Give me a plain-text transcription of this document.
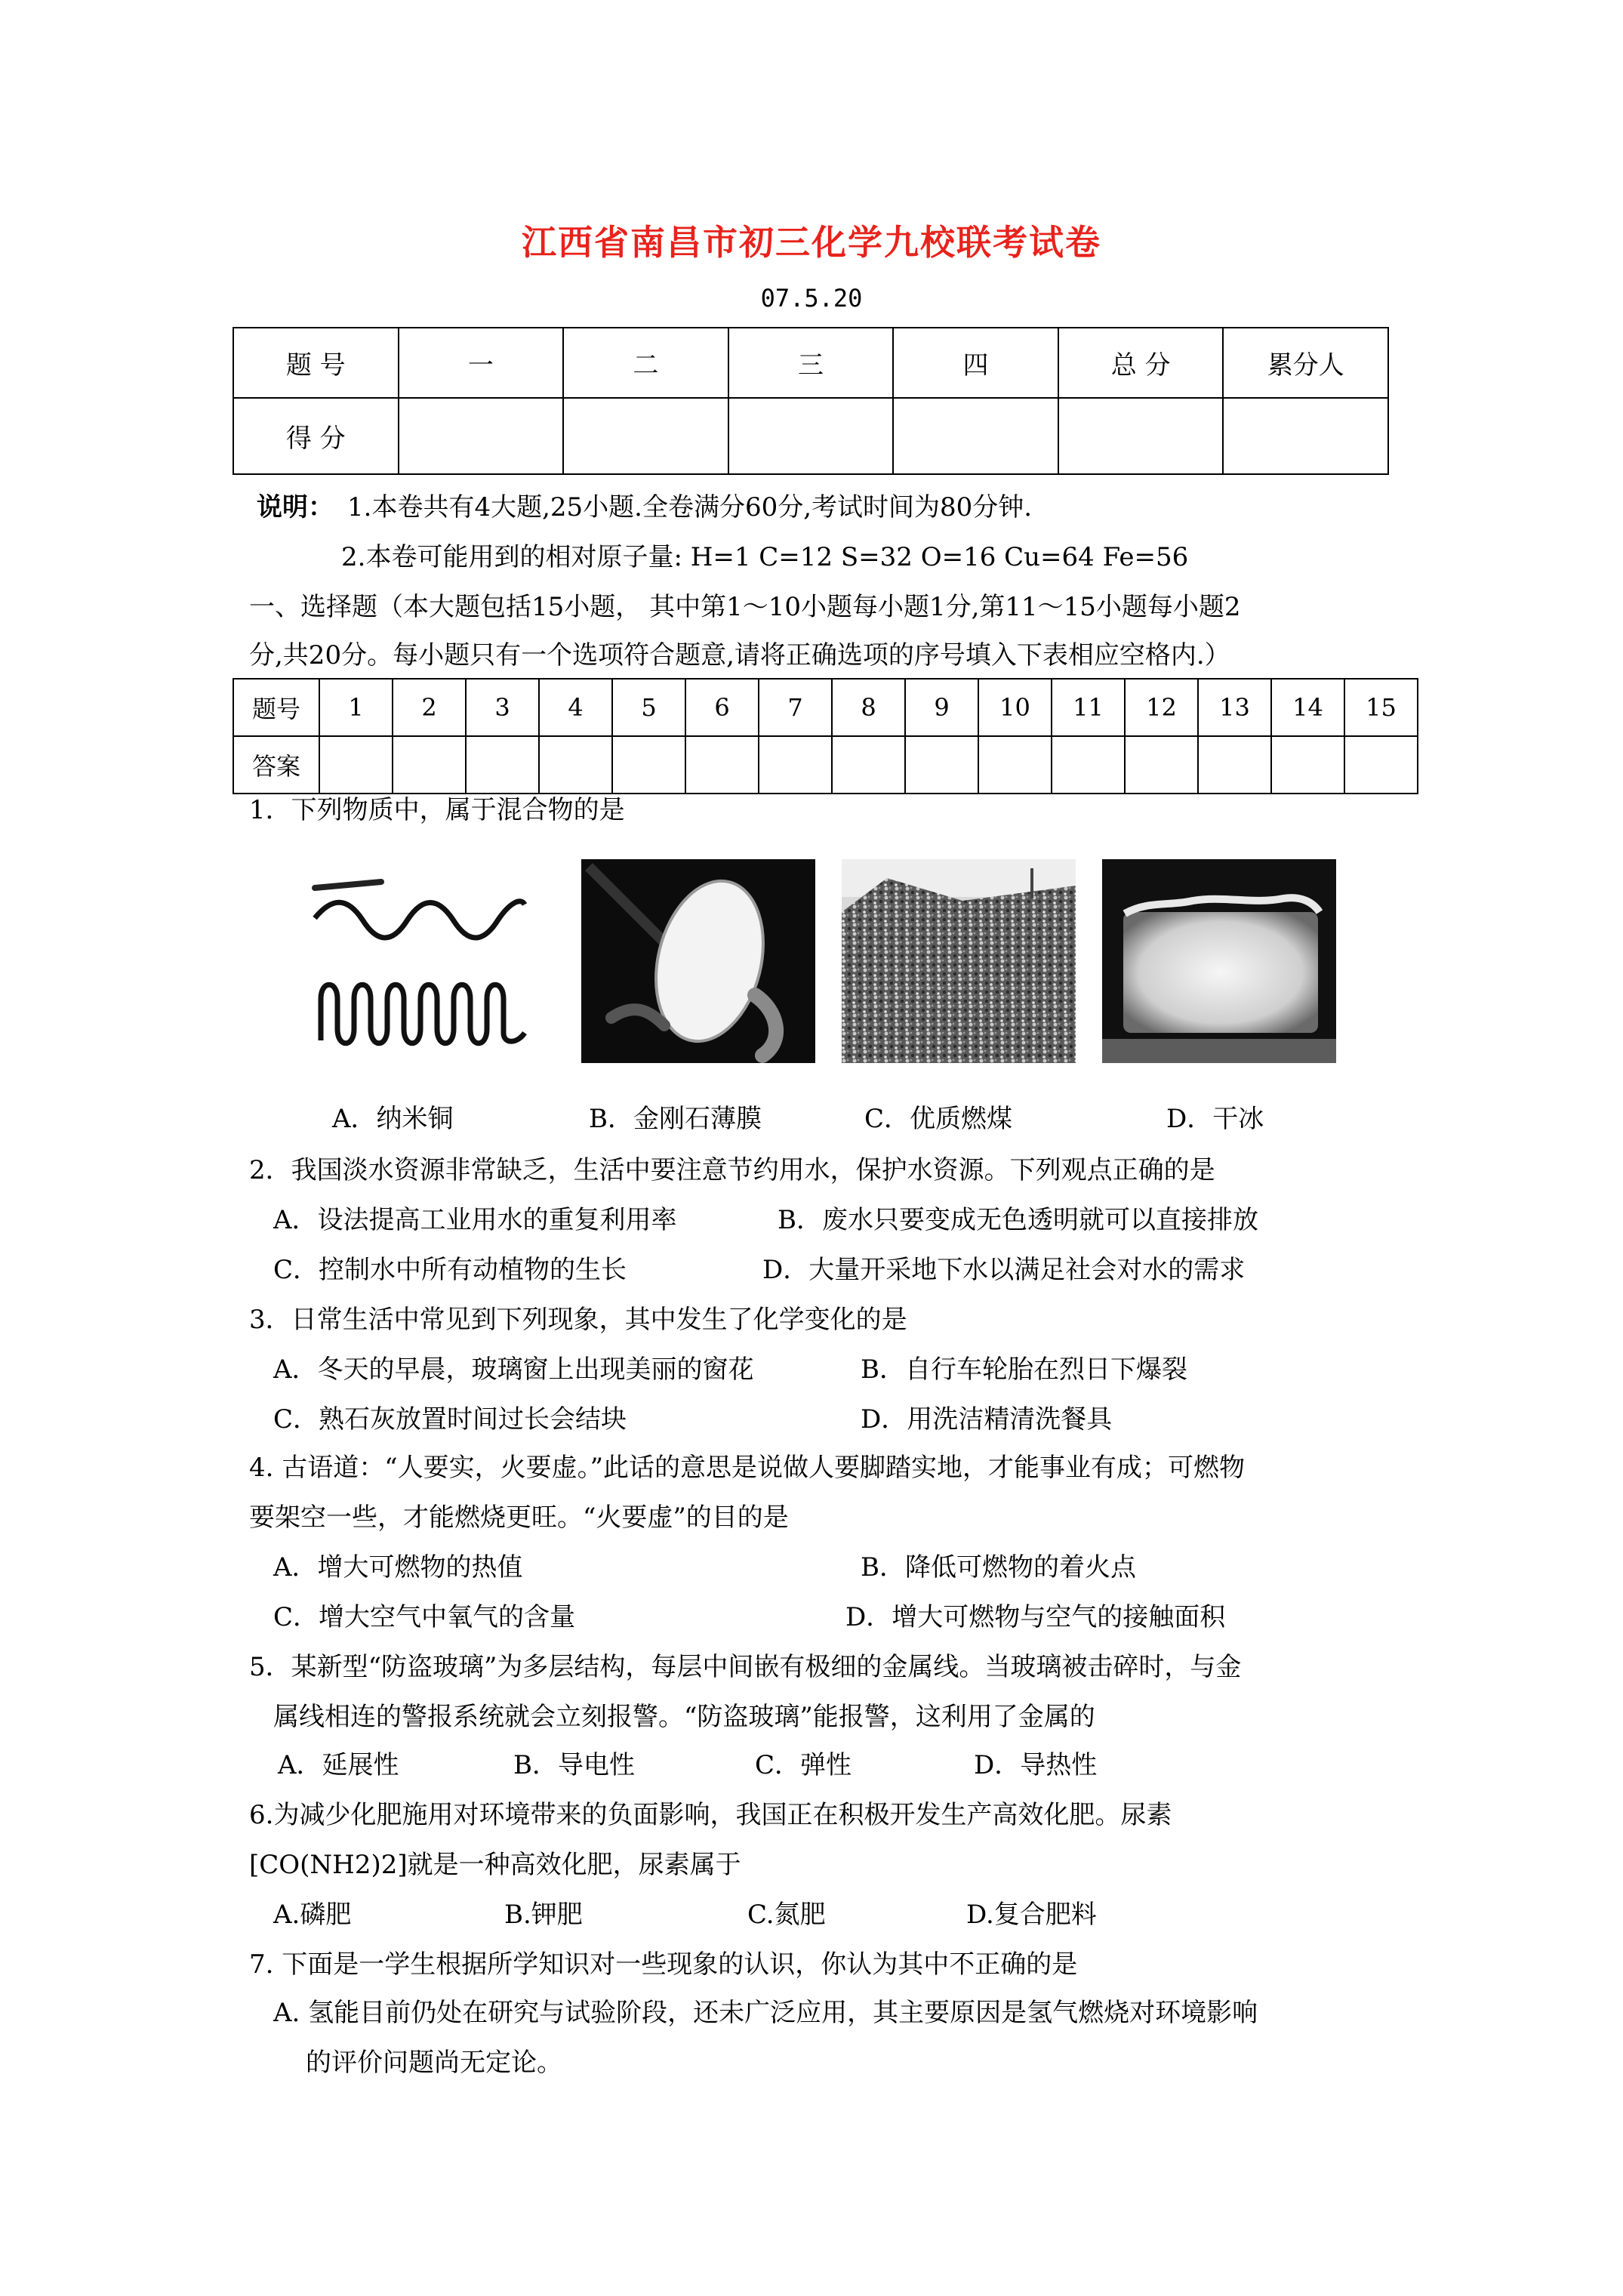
江西省南昌市初三化学九校联考试卷
07.5.20
题 号	一	二	三	四	总 分	累分人
得 分						
说明： 1.本卷共有4大题,25小题.全卷满分60分,考试时间为80分钟.
2.本卷可能用到的相对原子量: H=1 C=12 S=32 O=16 Cu=64 Fe=56
一、选择题（本大题包括15小题， 其中第1～10小题每小题1分,第11～15小题每小题2
分,共20分。每小题只有一个选项符合题意,请将正确选项的序号填入下表相应空格内.）
题号	1	2	3	4	5	6	7	8	9	10	11	12	13	14	15
答案															
1．下列物质中，属于混合物的是
A．纳米铜	B．金刚石薄膜	C．优质燃煤	D．干冰
2．我国淡水资源非常缺乏，生活中要注意节约用水，保护水资源。下列观点正确的是
A．设法提高工业用水的重复利用率	B．废水只要变成无色透明就可以直接排放
C．控制水中所有动植物的生长	D．大量开采地下水以满足社会对水的需求
3．日常生活中常见到下列现象，其中发生了化学变化的是
A．冬天的早晨，玻璃窗上出现美丽的窗花	B．自行车轮胎在烈日下爆裂
C．熟石灰放置时间过长会结块	D．用洗洁精清洗餐具
4. 古语道：“人要实，火要虚。”此话的意思是说做人要脚踏实地，才能事业有成；可燃物
要架空一些，才能燃烧更旺。“火要虚”的目的是
A．增大可燃物的热值	B．降低可燃物的着火点
C．增大空气中氧气的含量	D．增大可燃物与空气的接触面积
5．某新型“防盗玻璃”为多层结构，每层中间嵌有极细的金属线。当玻璃被击碎时，与金
属线相连的警报系统就会立刻报警。“防盗玻璃”能报警，这利用了金属的
A．延展性	B．导电性	C．弹性	D．导热性
6.为减少化肥施用对环境带来的负面影响，我国正在积极开发生产高效化肥。尿素
[CO(NH2)2]就是一种高效化肥，尿素属于
A.磷肥	B.钾肥	C.氮肥	D.复合肥料
7. 下面是一学生根据所学知识对一些现象的认识，你认为其中不正确的是
A. 氢能目前仍处在研究与试验阶段，还未广泛应用，其主要原因是氢气燃烧对环境影响
的评价问题尚无定论。
